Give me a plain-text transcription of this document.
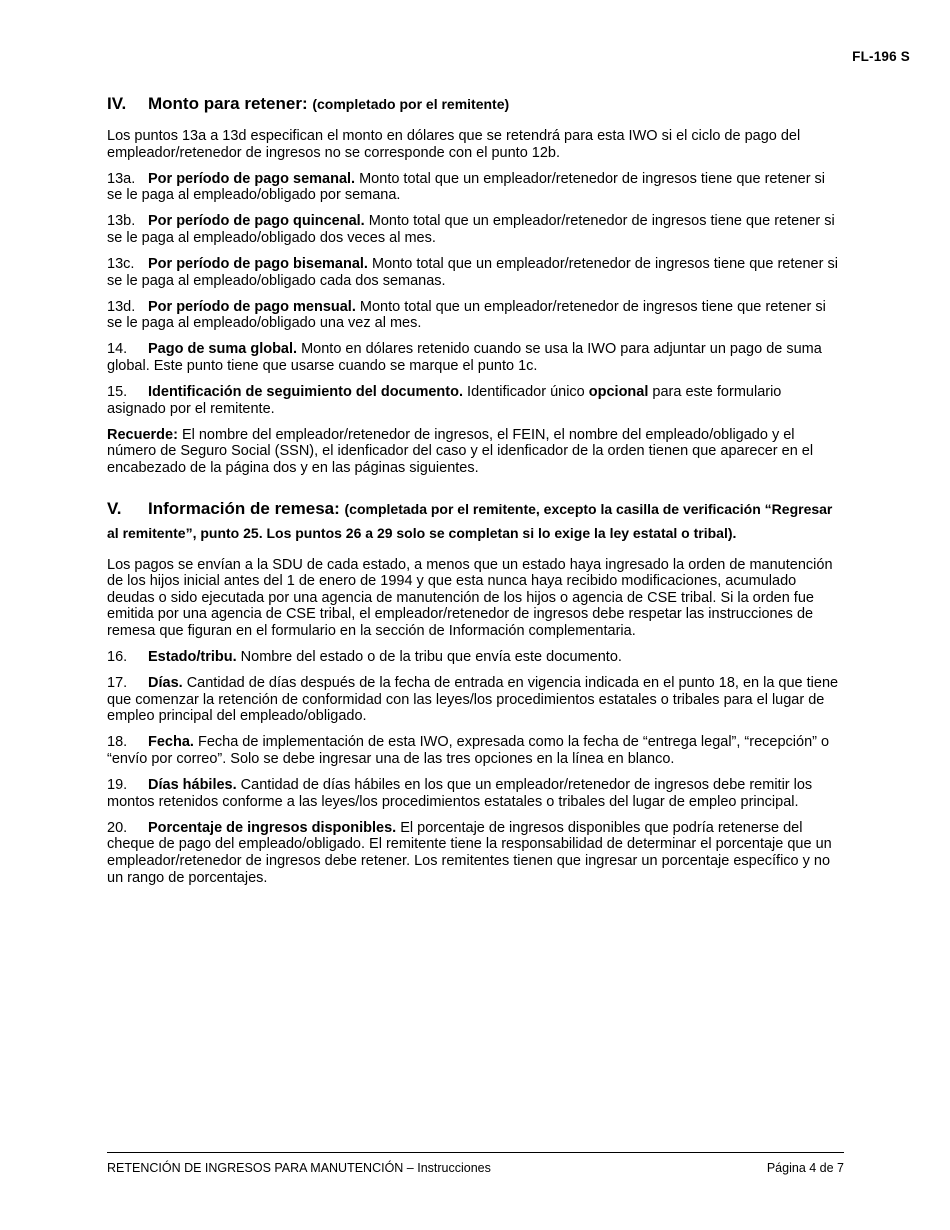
FL-196 S

IV. Monto para retener: (completado por el remitente)

Los puntos 13a a 13d especifican el monto en dólares que se retendrá para esta IWO si el ciclo de pago del empleador/retenedor de ingresos no se corresponde con el punto 12b.

13a. Por período de pago semanal. Monto total que un empleador/retenedor de ingresos tiene que retener si se le paga al empleado/obligado por semana.

13b. Por período de pago quincenal. Monto total que un empleador/retenedor de ingresos tiene que retener si se le paga al empleado/obligado dos veces al mes.

13c. Por período de pago bisemanal. Monto total que un empleador/retenedor de ingresos tiene que retener si se le paga al empleado/obligado cada dos semanas.

13d. Por período de pago mensual. Monto total que un empleador/retenedor de ingresos tiene que retener si se le paga al empleado/obligado una vez al mes.

14. Pago de suma global. Monto en dólares retenido cuando se usa la IWO para adjuntar un pago de suma global. Este punto tiene que usarse cuando se marque el punto 1c.

15. Identificación de seguimiento del documento. Identificador único opcional para este formulario asignado por el remitente.

Recuerde: El nombre del empleador/retenedor de ingresos, el FEIN, el nombre del empleado/obligado y el número de Seguro Social (SSN), el idenficador del caso y el idenficador de la orden tienen que aparecer en el encabezado de la página dos y en las páginas siguientes.

V. Información de remesa: (completada por el remitente, excepto la casilla de verificación “Regresar al remitente”, punto 25. Los puntos 26 a 29 solo se completan si lo exige la ley estatal o tribal).

Los pagos se envían a la SDU de cada estado, a menos que un estado haya ingresado la orden de manutención de los hijos inicial antes del 1 de enero de 1994 y que esta nunca haya recibido modificaciones, acumulado deudas o sido ejecutada por una agencia de manutención de los hijos o agencia de CSE tribal. Si la orden fue emitida por una agencia de CSE tribal, el empleador/retenedor de ingresos debe respetar las instrucciones de remesa que figuran en el formulario en la sección de Información complementaria.

16. Estado/tribu. Nombre del estado o de la tribu que envía este documento.

17. Días. Cantidad de días después de la fecha de entrada en vigencia indicada en el punto 18, en la que tiene que comenzar la retención de conformidad con las leyes/los procedimientos estatales o tribales para el lugar de empleo principal del empleado/obligado.

18. Fecha. Fecha de implementación de esta IWO, expresada como la fecha de “entrega legal”, “recepción” o “envío por correo”. Solo se debe ingresar una de las tres opciones en la línea en blanco.

19. Días hábiles. Cantidad de días hábiles en los que un empleador/retenedor de ingresos debe remitir los montos retenidos conforme a las leyes/los procedimientos estatales o tribales del lugar de empleo principal.

20. Porcentaje de ingresos disponibles. El porcentaje de ingresos disponibles que podría retenerse del cheque de pago del empleado/obligado. El remitente tiene la responsabilidad de determinar el porcentaje que un empleador/retenedor de ingresos debe retener. Los remitentes tienen que ingresar un porcentaje específico y no un rango de porcentajes.

RETENCIÓN DE INGRESOS PARA MANUTENCIÓN – Instrucciones	Página 4 de 7
